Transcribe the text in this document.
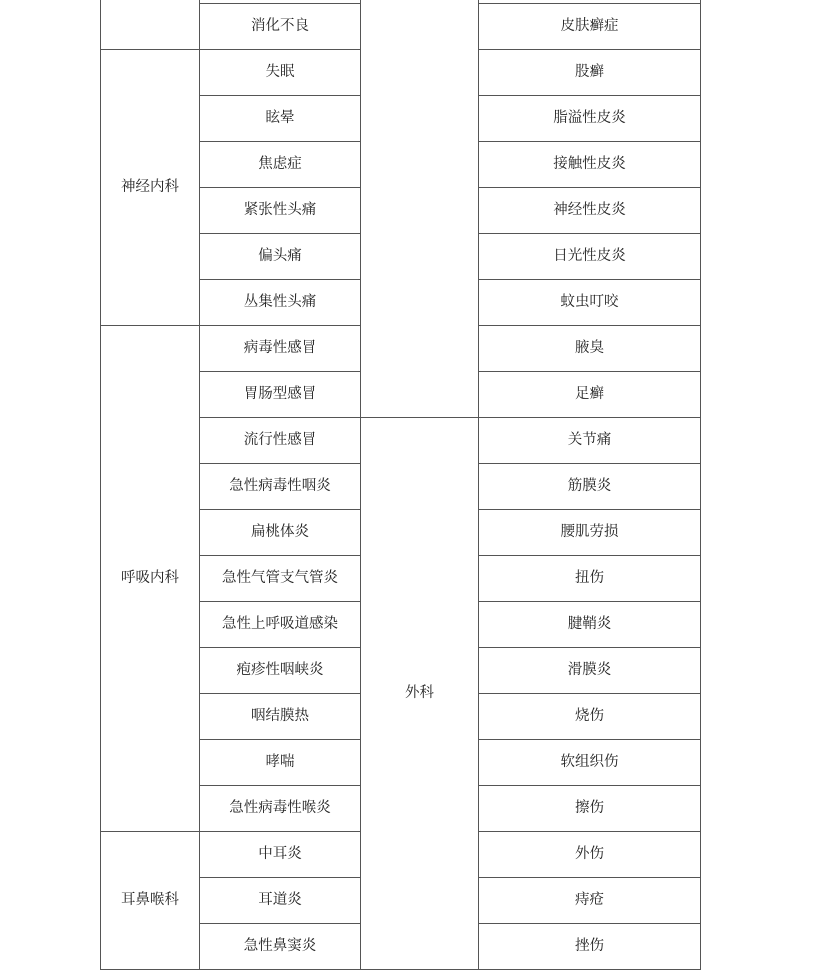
	消化不良		皮肤癣症
神经内科	失眠		股癣
	眩晕		脂溢性皮炎
	焦虑症		接触性皮炎
	紧张性头痛		神经性皮炎
	偏头痛		日光性皮炎
	丛集性头痛		蚊虫叮咬
呼吸内科	病毒性感冒		腋臭
	胃肠型感冒		足癣
	流行性感冒	外科	关节痛
	急性病毒性咽炎		筋膜炎
	扁桃体炎		腰肌劳损
	急性气管支气管炎		扭伤
	急性上呼吸道感染		腱鞘炎
	疱疹性咽峡炎		滑膜炎
	咽结膜热		烧伤
	哮喘		软组织伤
	急性病毒性喉炎		擦伤
耳鼻喉科	中耳炎		外伤
	耳道炎		痔疮
	急性鼻窦炎		挫伤
